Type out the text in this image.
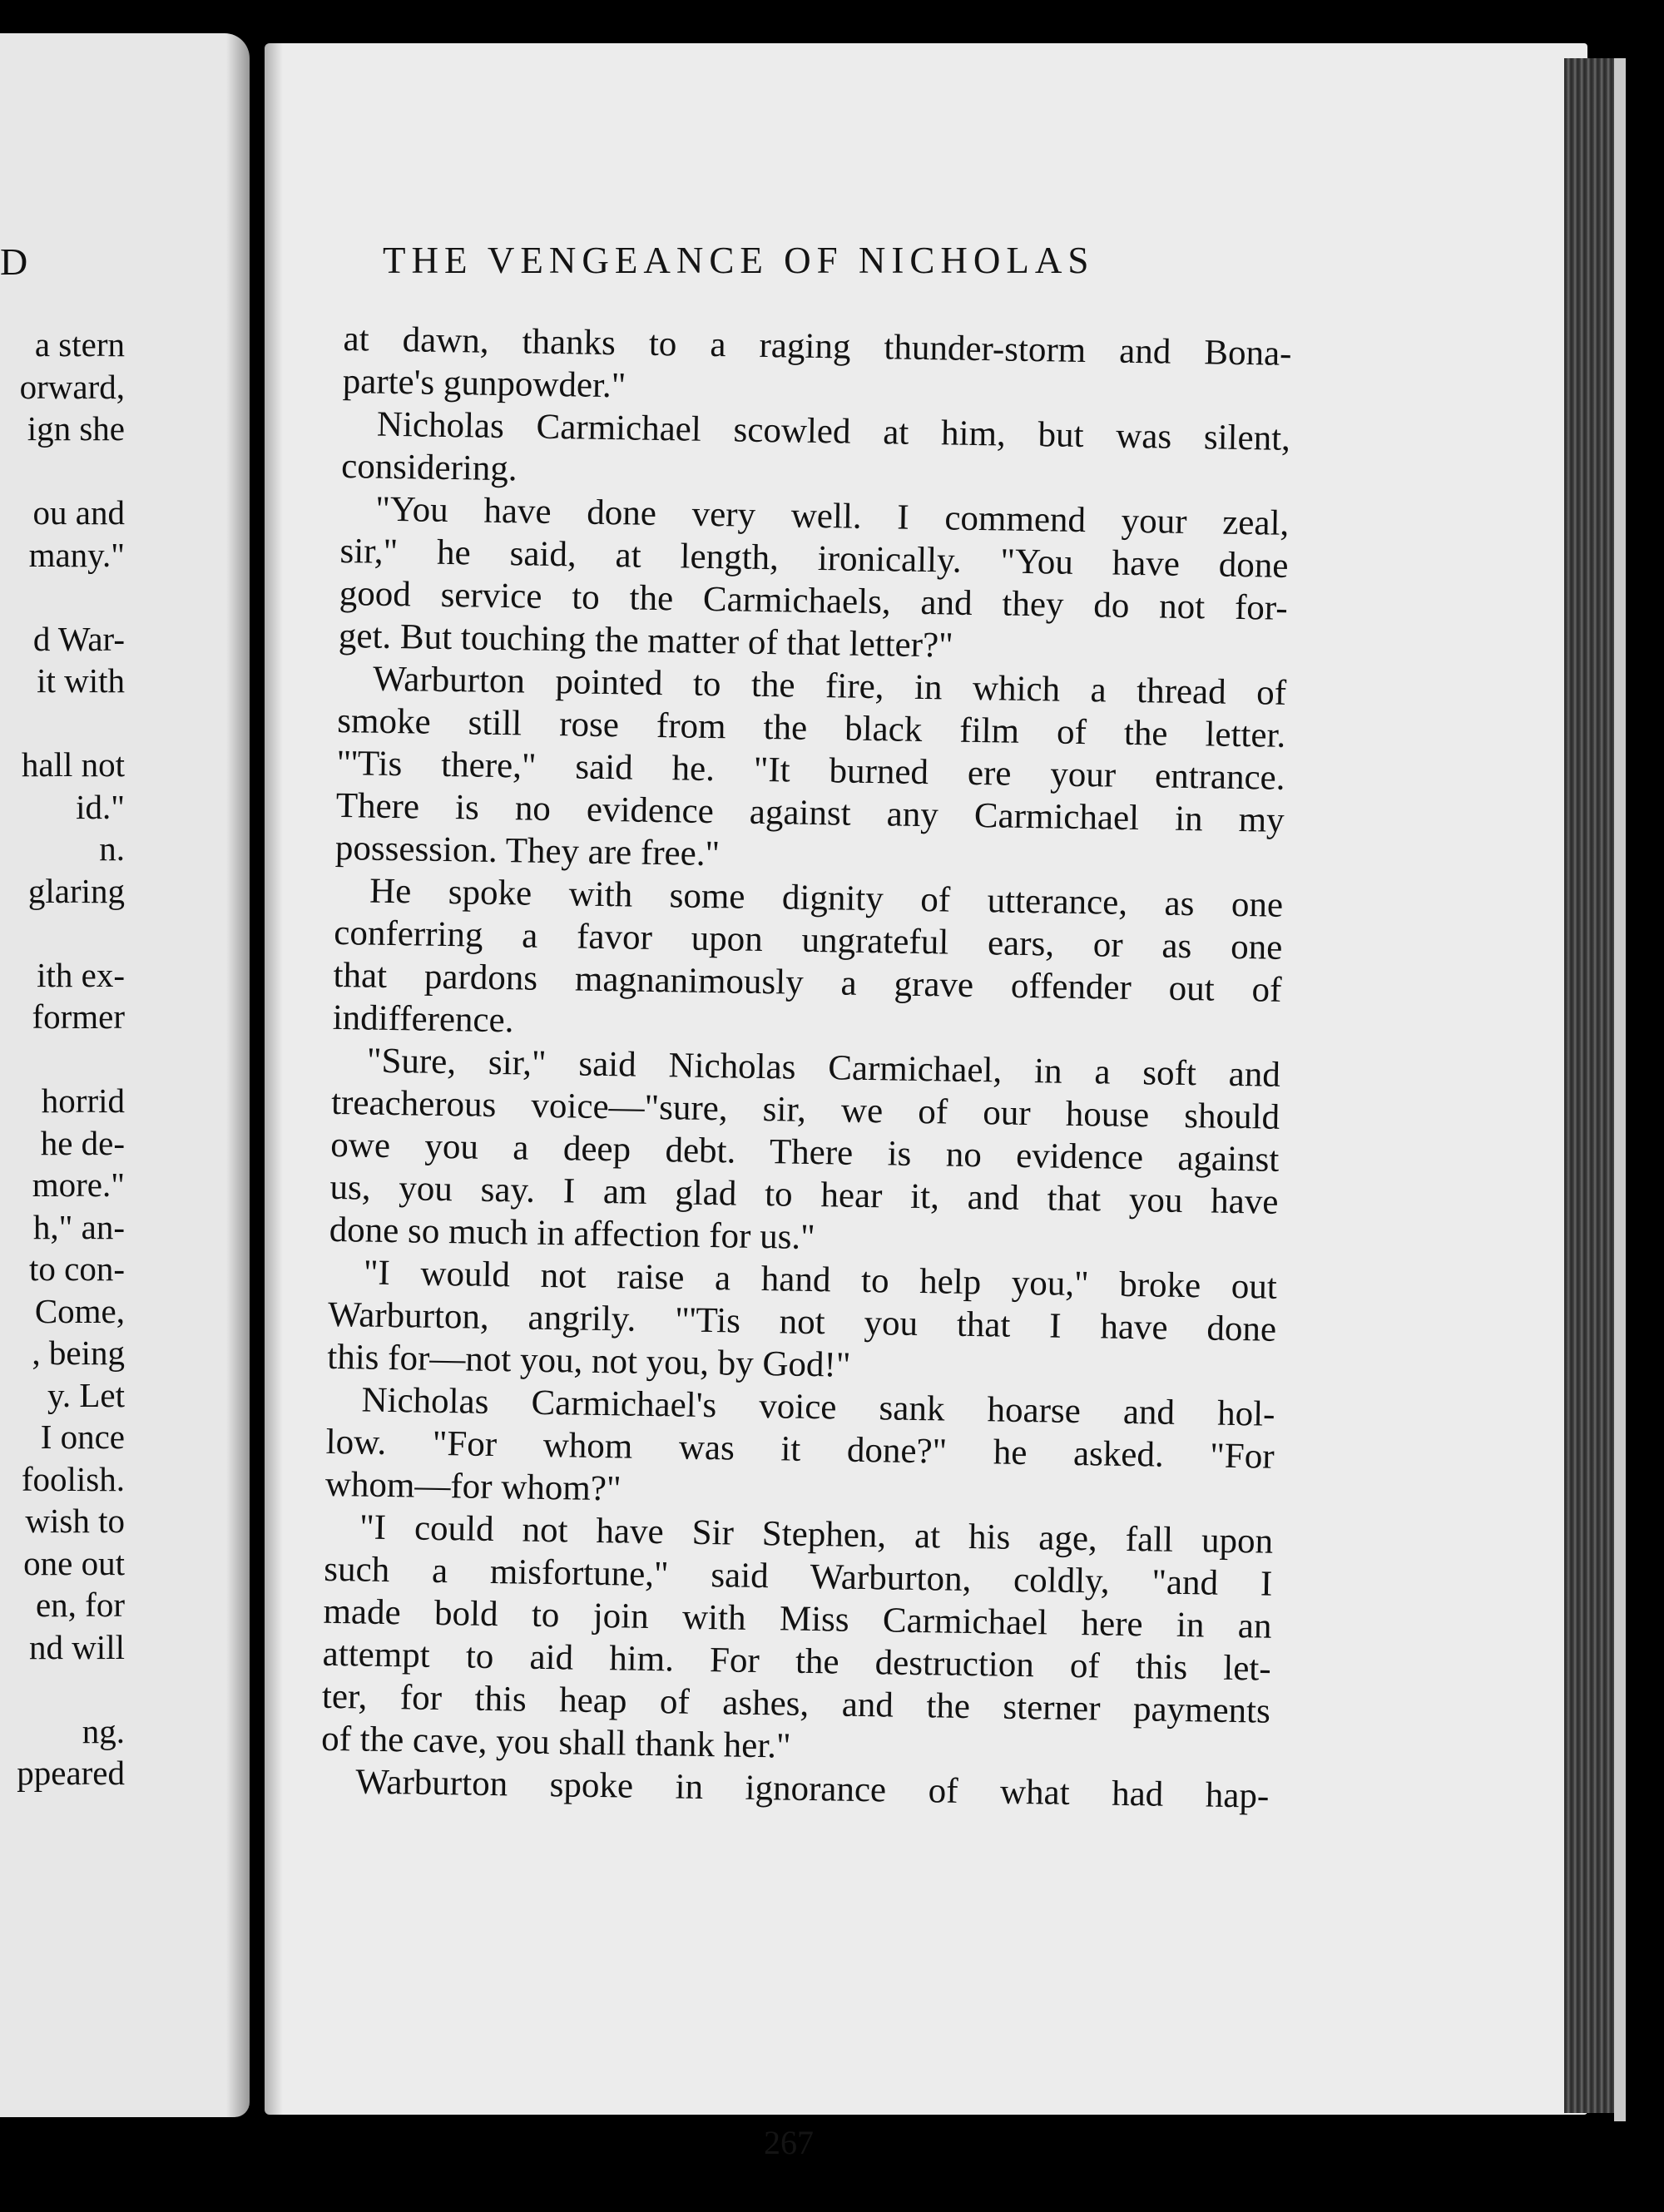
D
a stern
orward,
ign she
ou and
many."
d War-
it with
hall not
id."
n.
glaring
ith ex-
former
horrid
he de-
more."
h," an-
to con-
Come,
, being
y. Let
I once
foolish.
wish to
one out
en, for
nd will
ng.
ppeared
THE VENGEANCE OF NICHOLAS
at dawn, thanks to a raging thunder-storm and Bona-
parte's gunpowder."
Nicholas Carmichael scowled at him, but was silent,
considering.
"You have done very well. I commend your zeal,
sir," he said, at length, ironically. "You have done
good service to the Carmichaels, and they do not for-
get. But touching the matter of that letter?"
Warburton pointed to the fire, in which a thread of
smoke still rose from the black film of the letter.
"'Tis there," said he. "It burned ere your entrance.
There is no evidence against any Carmichael in my
possession. They are free."
He spoke with some dignity of utterance, as one
conferring a favor upon ungrateful ears, or as one
that pardons magnanimously a grave offender out of
indifference.
"Sure, sir," said Nicholas Carmichael, in a soft and
treacherous voice—"sure, sir, we of our house should
owe you a deep debt. There is no evidence against
us, you say. I am glad to hear it, and that you have
done so much in affection for us."
"I would not raise a hand to help you," broke out
Warburton, angrily. "'Tis not you that I have done
this for—not you, not you, by God!"
Nicholas Carmichael's voice sank hoarse and hol-
low. "For whom was it done?" he asked. "For
whom—for whom?"
"I could not have Sir Stephen, at his age, fall upon
such a misfortune," said Warburton, coldly, "and I
made bold to join with Miss Carmichael here in an
attempt to aid him. For the destruction of this let-
ter, for this heap of ashes, and the sterner payments
of the cave, you shall thank her."
Warburton spoke in ignorance of what had hap-
267
